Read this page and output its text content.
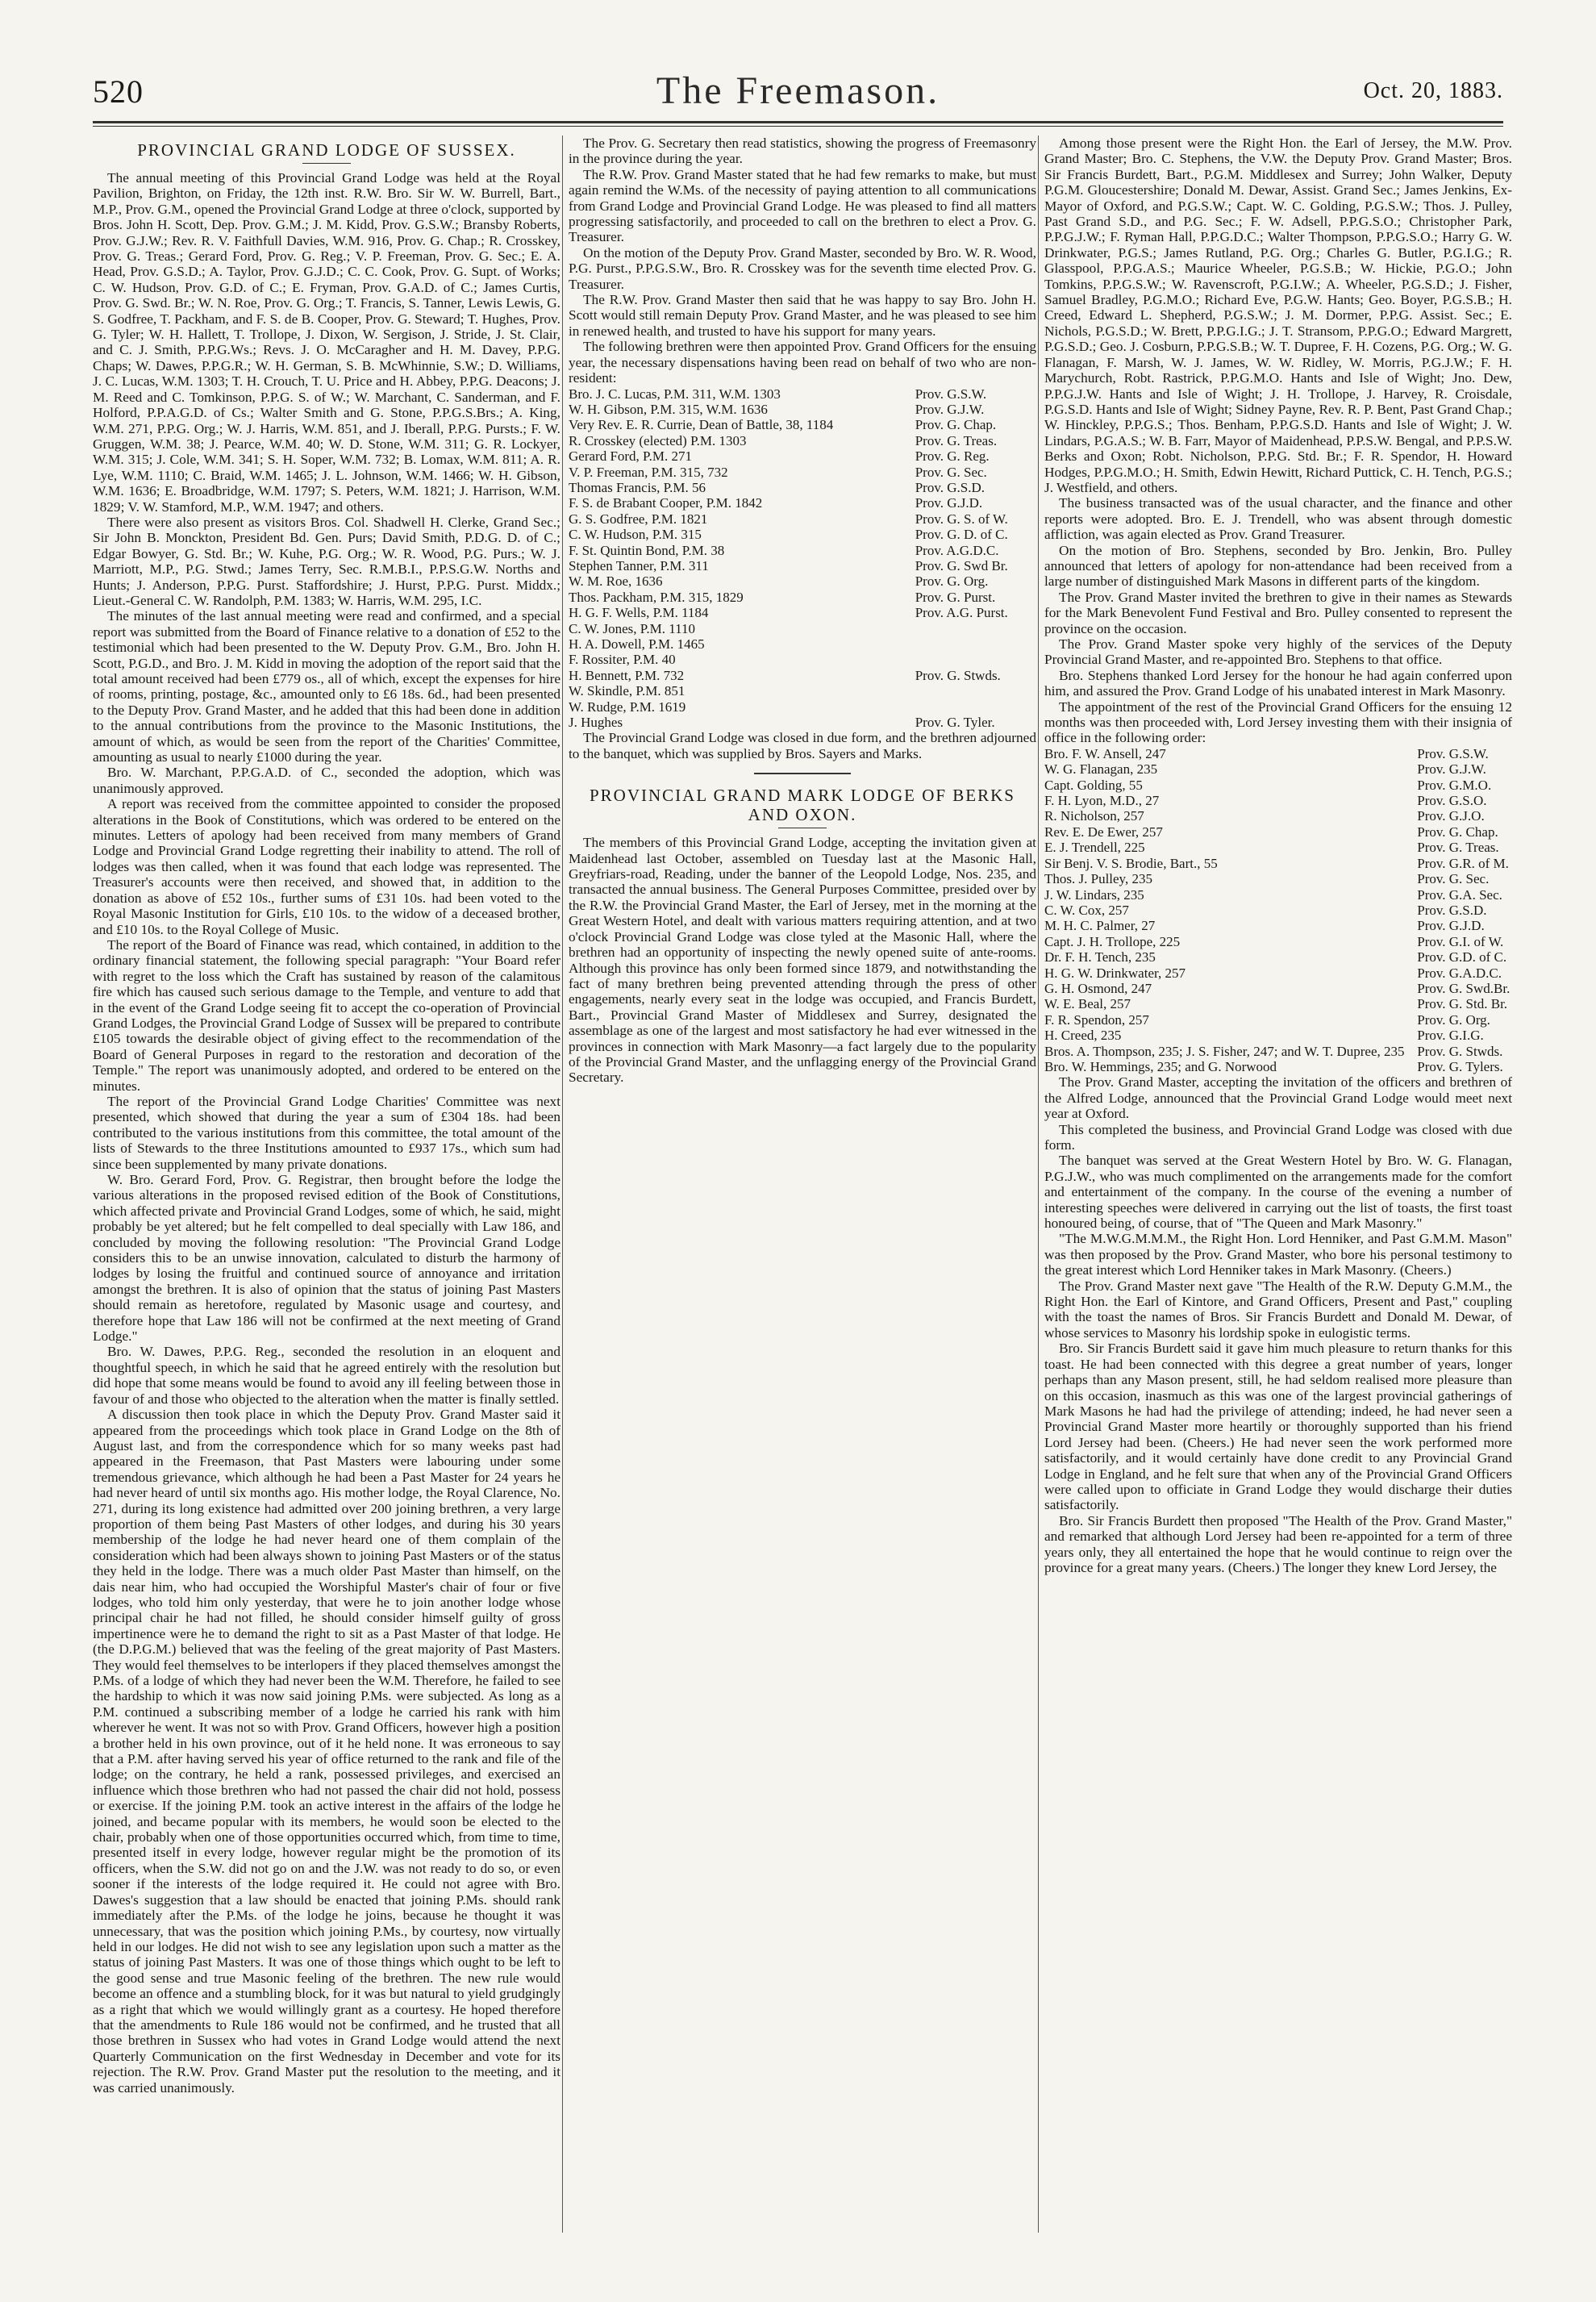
520	The Freemason.	Oct. 20, 1883.
PROVINCIAL GRAND LODGE OF SUSSEX.

The annual meeting of this Provincial Grand Lodge was held at the Royal Pavilion, Brighton, on Friday, the 12th inst. R.W. Bro. Sir W. W. Burrell, Bart., M.P., Prov. G.M., opened the Provincial Grand Lodge at three o'clock, supported by Bros. John H. Scott, Dep. Prov. G.M.; J. M. Kidd, Prov. G.S.W.; Bransby Roberts, Prov. G.J.W.; Rev. R. V. Faithfull Davies, W.M. 916, Prov. G. Chap.; R. Crosskey, Prov. G. Treas.; Gerard Ford, Prov. G. Reg.; V. P. Freeman, Prov. G. Sec.; E. A. Head, Prov. G.S.D.; A. Taylor, Prov. G.J.D.; C. C. Cook, Prov. G. Supt. of Works; C. W. Hudson, Prov. G.D. of C.; E. Fryman, Prov. G.A.D. of C.; James Curtis, Prov. G. Swd. Br.; W. N. Roe, Prov. G. Org.; T. Francis, S. Tanner, Lewis Lewis, G. S. Godfree, T. Packham, and F. S. de B. Cooper, Prov. G. Steward; T. Hughes, Prov. G. Tyler; W. H. Hallett, T. Trollope, J. Dixon, W. Sergison, J. Stride, J. St. Clair, and C. J. Smith, P.P.G.Ws.; Revs. J. O. McCaragher and H. M. Davey, P.P.G. Chaps; W. Dawes, P.P.G.R.; W. H. German, S. B. McWhinnie, S.W.; D. Williams, J. C. Lucas, W.M. 1303; T. H. Crouch, T. U. Price and H. Abbey, P.P.G. Deacons; J. M. Reed and C. Tomkinson, P.P.G. S. of W.; W. Marchant, C. Sanderman, and F. Holford, P.P.A.G.D. of Cs.; Walter Smith and G. Stone, P.P.G.S.Brs.; A. King, W.M. 271, P.P.G. Org.; W. J. Harris, W.M. 851, and J. Iberall, P.P.G. Pursts.; F. W. Gruggen, W.M. 38; J. Pearce, W.M. 40; W. D. Stone, W.M. 311; G. R. Lockyer, W.M. 315; J. Cole, W.M. 341; S. H. Soper, W.M. 732; B. Lomax, W.M. 811; A. R. Lye, W.M. 1110; C. Braid, W.M. 1465; J. L. Johnson, W.M. 1466; W. H. Gibson, W.M. 1636; E. Broadbridge, W.M. 1797; S. Peters, W.M. 1821; J. Harrison, W.M. 1829; V. W. Stamford, M.P., W.M. 1947; and others.

There were also present as visitors Bros. Col. Shadwell H. Clerke, Grand Sec.; Sir John B. Monckton, President Bd. Gen. Purs; David Smith, P.D.G. D. of C.; Edgar Bowyer, G. Std. Br.; W. Kuhe, P.G. Org.; W. R. Wood, P.G. Purs.; W. J. Marriott, M.P., P.G. Stwd.; James Terry, Sec. R.M.B.I., P.P.S.G.W. Norths and Hunts; J. Anderson, P.P.G. Purst. Staffordshire; J. Hurst, P.P.G. Purst. Middx.; Lieut.-General C. W. Randolph, P.M. 1383; W. Harris, W.M. 295, I.C.

The minutes of the last annual meeting were read and confirmed, and a special report was submitted from the Board of Finance relative to a donation of £52 to the testimonial which had been presented to the W. Deputy Prov. G.M., Bro. John H. Scott, P.G.D., and Bro. J. M. Kidd in moving the adoption of the report said that the total amount received had been £779 os., all of which, except the expenses for hire of rooms, printing, postage, &c., amounted only to £6 18s. 6d., had been presented to the Deputy Prov. Grand Master, and he added that this had been done in addition to the annual contributions from the province to the Masonic Institutions, the amount of which, as would be seen from the report of the Charities' Committee, amounting as usual to nearly £1000 during the year.

Bro. W. Marchant, P.P.G.A.D. of C., seconded the adoption, which was unanimously approved.

A report was received from the committee appointed to consider the proposed alterations in the Book of Constitutions, which was ordered to be entered on the minutes. Letters of apology had been received from many members of Grand Lodge and Provincial Grand Lodge regretting their inability to attend. The roll of lodges was then called, when it was found that each lodge was represented. The Treasurer's accounts were then received, and showed that, in addition to the donation as above of £52 10s., further sums of £31 10s. had been voted to the Royal Masonic Institution for Girls, £10 10s. to the widow of a deceased brother, and £10 10s. to the Royal College of Music.

The report of the Board of Finance was read, which contained, in addition to the ordinary financial statement, the following special paragraph: "Your Board refer with regret to the loss which the Craft has sustained by reason of the calamitous fire which has caused such serious damage to the Temple, and venture to add that in the event of the Grand Lodge seeing fit to accept the co-operation of Provincial Grand Lodges, the Provincial Grand Lodge of Sussex will be prepared to contribute £105 towards the desirable object of giving effect to the recommendation of the Board of General Purposes in regard to the restoration and decoration of the Temple." The report was unanimously adopted, and ordered to be entered on the minutes.

The report of the Provincial Grand Lodge Charities' Committee was next presented, which showed that during the year a sum of £304 18s. had been contributed to the various institutions from this committee, the total amount of the lists of Stewards to the three Institutions amounted to £937 17s., which sum had since been supplemented by many private donations.

W. Bro. Gerard Ford, Prov. G. Registrar, then brought before the lodge the various alterations in the proposed revised edition of the Book of Constitutions, which affected private and Provincial Grand Lodges, some of which, he said, might probably be yet altered; but he felt compelled to deal specially with Law 186, and concluded by moving the following resolution: "The Provincial Grand Lodge considers this to be an unwise innovation, calculated to disturb the harmony of lodges by losing the fruitful and continued source of annoyance and irritation amongst the brethren. It is also of opinion that the status of joining Past Masters should remain as heretofore, regulated by Masonic usage and courtesy, and therefore hope that Law 186 will not be confirmed at the next meeting of Grand Lodge."

Bro. W. Dawes, P.P.G. Reg., seconded the resolution in an eloquent and thoughtful speech, in which he said that he agreed entirely with the resolution but did hope that some means would be found to avoid any ill feeling between those in favour of and those who objected to the alteration when the matter is finally settled.

A discussion then took place in which the Deputy Prov. Grand Master said it appeared from the proceedings which took place in Grand Lodge on the 8th of August last, and from the correspondence which for so many weeks past had appeared in the Freemason, that Past Masters were labouring under some tremendous grievance, which although he had been a Past Master for 24 years he had never heard of until six months ago. His mother lodge, the Royal Clarence, No. 271, during its long existence had admitted over 200 joining brethren, a very large proportion of them being Past Masters of other lodges, and during his 30 years membership of the lodge he had never heard one of them complain of the consideration which had been always shown to joining Past Masters or of the status they held in the lodge. There was a much older Past Master than himself, on the dais near him, who had occupied the Worshipful Master's chair of four or five lodges, who told him only yesterday, that were he to join another lodge whose principal chair he had not filled, he should consider himself guilty of gross impertinence were he to demand the right to sit as a Past Master of that lodge. He (the D.P.G.M.) believed that was the feeling of the great majority of Past Masters. They would feel themselves to be interlopers if they placed themselves amongst the P.Ms. of a lodge of which they had never been the W.M. Therefore, he failed to see the hardship to which it was now said joining P.Ms. were subjected. As long as a P.M. continued a subscribing member of a lodge he carried his rank with him wherever he went. It was not so with Prov. Grand Officers, however high a position a brother held in his own province, out of it he held none. It was erroneous to say that a P.M. after having served his year of office returned to the rank and file of the lodge; on the contrary, he held a rank, possessed privileges, and exercised an influence which those brethren who had not passed the chair did not hold, possess or exercise. If the joining P.M. took an active interest in the affairs of the lodge he joined, and became popular with its members, he would soon be elected to the chair, probably when one of those opportunities occurred which, from time to time, presented itself in every lodge, however regular might be the promotion of its officers, when the S.W. did not go on and the J.W. was not ready to do so, or even sooner if the interests of the lodge required it. He could not agree with Bro. Dawes's suggestion that a law should be enacted that joining P.Ms. should rank immediately after the P.Ms. of the lodge he joins, because he thought it was unnecessary, that was the position which joining P.Ms., by courtesy, now virtually held in our lodges. He did not wish to see any legislation upon such a matter as the status of joining Past Masters. It was one of those things which ought to be left to the good sense and true Masonic feeling of the brethren. The new rule would become an offence and a stumbling block, for it was but natural to yield grudgingly as a right that which we would willingly grant as a courtesy. He hoped therefore that the amendments to Rule 186 would not be confirmed, and he trusted that all those brethren in Sussex who had votes in Grand Lodge would attend the next Quarterly Communication on the first Wednesday in December and vote for its rejection. The R.W. Prov. Grand Master put the resolution to the meeting, and it was carried unanimously.

The Prov. G. Secretary then read statistics, showing the progress of Freemasonry in the province during the year.

The R.W. Prov. Grand Master stated that he had few remarks to make, but must again remind the W.Ms. of the necessity of paying attention to all communications from Grand Lodge and Provincial Grand Lodge. He was pleased to find all matters progressing satisfactorily, and proceeded to call on the brethren to elect a Prov. G. Treasurer.

On the motion of the Deputy Prov. Grand Master, seconded by Bro. W. R. Wood, P.G. Purst., P.P.G.S.W., Bro. R. Crosskey was for the seventh time elected Prov. G. Treasurer.

The R.W. Prov. Grand Master then said that he was happy to say Bro. John H. Scott would still remain Deputy Prov. Grand Master, and he was pleased to see him in renewed health, and trusted to have his support for many years.

The following brethren were then appointed Prov. Grand Officers for the ensuing year, the necessary dispensations having been read on behalf of two who are non-resident:

Bro. J. C. Lucas, P.M. 311, W.M. 1303	Prov. G.S.W.
W. H. Gibson, P.M. 315, W.M. 1636	Prov. G.J.W.
Very Rev. E. R. Currie, Dean of Battle, 38, 1184	Prov. G. Chap.
R. Crosskey (elected) P.M. 1303	Prov. G. Treas.
Gerard Ford, P.M. 271	Prov. G. Reg.
V. P. Freeman, P.M. 315, 732	Prov. G. Sec.
Thomas Francis, P.M. 56	Prov. G.S.D.
F. S. de Brabant Cooper, P.M. 1842	Prov. G.J.D.
G. S. Godfree, P.M. 1821	Prov. G. S. of W.
C. W. Hudson, P.M. 315	Prov. G. D. of C.
F. St. Quintin Bond, P.M. 38	Prov. A.G.D.C.
Stephen Tanner, P.M. 311	Prov. G. Swd Br.
W. M. Roe, 1636	Prov. G. Org.
Thos. Packham, P.M. 315, 1829	Prov. G. Purst.
H. G. F. Wells, P.M. 1184	Prov. A.G. Purst.
C. W. Jones, P.M. 1110	
H. A. Dowell, P.M. 1465	
F. Rossiter, P.M. 40	
H. Bennett, P.M. 732	Prov. G. Stwds.
W. Skindle, P.M. 851	
W. Rudge, P.M. 1619	
J. Hughes	Prov. G. Tyler.

The Provincial Grand Lodge was closed in due form, and the brethren adjourned to the banquet, which was supplied by Bros. Sayers and Marks.

PROVINCIAL GRAND MARK LODGE OF BERKS AND OXON.

The members of this Provincial Grand Lodge, accepting the invitation given at Maidenhead last October, assembled on Tuesday last at the Masonic Hall, Greyfriars-road, Reading, under the banner of the Leopold Lodge, Nos. 235, and transacted the annual business. The General Purposes Committee, presided over by the R.W. the Provincial Grand Master, the Earl of Jersey, met in the morning at the Great Western Hotel, and dealt with various matters requiring attention, and at two o'clock Provincial Grand Lodge was close tyled at the Masonic Hall, where the brethren had an opportunity of inspecting the newly opened suite of ante-rooms. Although this province has only been formed since 1879, and notwithstanding the fact of many brethren being prevented attending through the press of other engagements, nearly every seat in the lodge was occupied, and Francis Burdett, Bart., Provincial Grand Master of Middlesex and Surrey, designated the assemblage as one of the largest and most satisfactory he had ever witnessed in the provinces in connection with Mark Masonry—a fact largely due to the popularity of the Provincial Grand Master, and the unflagging energy of the Provincial Grand Secretary.

Among those present were the Right Hon. the Earl of Jersey, the M.W. Prov. Grand Master; Bro. C. Stephens, the V.W. the Deputy Prov. Grand Master; Bros. Sir Francis Burdett, Bart., P.G.M. Middlesex and Surrey; John Walker, Deputy P.G.M. Gloucestershire; Donald M. Dewar, Assist. Grand Sec.; James Jenkins, Ex-Mayor of Oxford, and P.G.S.W.; Capt. W. C. Golding, P.G.S.W.; Thos. J. Pulley, Past Grand S.D., and P.G. Sec.; F. W. Adsell, P.P.G.S.O.; Christopher Park, P.P.G.J.W.; F. Ryman Hall, P.P.G.D.C.; Walter Thompson, P.P.G.S.O.; Harry G. W. Drinkwater, P.G.S.; James Rutland, P.G. Org.; Charles G. Butler, P.G.I.G.; R. Glasspool, P.P.G.A.S.; Maurice Wheeler, P.G.S.B.; W. Hickie, P.G.O.; John Tomkins, P.P.G.S.W.; W. Ravenscroft, P.G.I.W.; A. Wheeler, P.G.S.D.; J. Fisher, Samuel Bradley, P.G.M.O.; Richard Eve, P.G.W. Hants; Geo. Boyer, P.G.S.B.; H. Creed, Edward L. Shepherd, P.G.S.W.; J. M. Dormer, P.P.G. Assist. Sec.; E. Nichols, P.G.S.D.; W. Brett, P.P.G.I.G.; J. T. Stransom, P.P.G.O.; Edward Margrett, P.G.S.D.; Geo. J. Cosburn, P.P.G.S.B.; W. T. Dupree, F. H. Cozens, P.G. Org.; W. G. Flanagan, F. Marsh, W. J. James, W. W. Ridley, W. Morris, P.G.J.W.; F. H. Marychurch, Robt. Rastrick, P.P.G.M.O. Hants and Isle of Wight; Jno. Dew, P.P.G.J.W. Hants and Isle of Wight; J. H. Trollope, J. Harvey, R. Croisdale, P.G.S.D. Hants and Isle of Wight; Sidney Payne, Rev. R. P. Bent, Past Grand Chap.; W. Hinckley, P.P.G.S.; Thos. Benham, P.P.G.S.D. Hants and Isle of Wight; J. W. Lindars, P.G.A.S.; W. B. Farr, Mayor of Maidenhead, P.P.S.W. Bengal, and P.P.S.W. Berks and Oxon; Robt. Nicholson, P.P.G. Std. Br.; F. R. Spendor, H. Howard Hodges, P.P.G.M.O.; H. Smith, Edwin Hewitt, Richard Puttick, C. H. Tench, P.G.S.; J. Westfield, and others.

The business transacted was of the usual character, and the finance and other reports were adopted. Bro. E. J. Trendell, who was absent through domestic affliction, was again elected as Prov. Grand Treasurer.

On the motion of Bro. Stephens, seconded by Bro. Jenkin, Bro. Pulley announced that letters of apology for non-attendance had been received from a large number of distinguished Mark Masons in different parts of the kingdom.

The Prov. Grand Master invited the brethren to give in their names as Stewards for the Mark Benevolent Fund Festival and Bro. Pulley consented to represent the province on the occasion.

The Prov. Grand Master spoke very highly of the services of the Deputy Provincial Grand Master, and re-appointed Bro. Stephens to that office.

Bro. Stephens thanked Lord Jersey for the honour he had again conferred upon him, and assured the Prov. Grand Lodge of his unabated interest in Mark Masonry.

The appointment of the rest of the Provincial Grand Officers for the ensuing 12 months was then proceeded with, Lord Jersey investing them with their insignia of office in the following order:

Bro. F. W. Ansell, 247	Prov. G.S.W.
W. G. Flanagan, 235	Prov. G.J.W.
Capt. Golding, 55	Prov. G.M.O.
F. H. Lyon, M.D., 27	Prov. G.S.O.
R. Nicholson, 257	Prov. G.J.O.
Rev. E. De Ewer, 257	Prov. G. Chap.
E. J. Trendell, 225	Prov. G. Treas.
Sir Benj. V. S. Brodie, Bart., 55	Prov. G.R. of M.
Thos. J. Pulley, 235	Prov. G. Sec.
J. W. Lindars, 235	Prov. G.A. Sec.
C. W. Cox, 257	Prov. G.S.D.
M. H. C. Palmer, 27	Prov. G.J.D.
Capt. J. H. Trollope, 225	Prov. G.I. of W.
Dr. F. H. Tench, 235	Prov. G.D. of C.
H. G. W. Drinkwater, 257	Prov. G.A.D.C.
G. H. Osmond, 247	Prov. G. Swd.Br.
W. E. Beal, 257	Prov. G. Std. Br.
F. R. Spendon, 257	Prov. G. Org.
H. Creed, 235	Prov. G.I.G.
Bros. A. Thompson, 235; J. S. Fisher, 247; and W. T. Dupree, 235	Prov. G. Stwds.
Bro. W. Hemmings, 235; and G. Norwood	Prov. G. Tylers.

The Prov. Grand Master, accepting the invitation of the officers and brethren of the Alfred Lodge, announced that the Provincial Grand Lodge would meet next year at Oxford.

This completed the business, and Provincial Grand Lodge was closed with due form.

The banquet was served at the Great Western Hotel by Bro. W. G. Flanagan, P.G.J.W., who was much complimented on the arrangements made for the comfort and entertainment of the company. In the course of the evening a number of interesting speeches were delivered in carrying out the list of toasts, the first toast honoured being, of course, that of "The Queen and Mark Masonry."

"The M.W.G.M.M.M., the Right Hon. Lord Henniker, and Past G.M.M. Mason" was then proposed by the Prov. Grand Master, who bore his personal testimony to the great interest which Lord Henniker takes in Mark Masonry. (Cheers.)

The Prov. Grand Master next gave "The Health of the R.W. Deputy G.M.M., the Right Hon. the Earl of Kintore, and Grand Officers, Present and Past," coupling with the toast the names of Bros. Sir Francis Burdett and Donald M. Dewar, of whose services to Masonry his lordship spoke in eulogistic terms.

Bro. Sir Francis Burdett said it gave him much pleasure to return thanks for this toast. He had been connected with this degree a great number of years, longer perhaps than any Mason present, still, he had seldom realised more pleasure than on this occasion, inasmuch as this was one of the largest provincial gatherings of Mark Masons he had had the privilege of attending; indeed, he had never seen a Provincial Grand Master more heartily or thoroughly supported than his friend Lord Jersey had been. (Cheers.) He had never seen the work performed more satisfactorily, and it would certainly have done credit to any Provincial Grand Lodge in England, and he felt sure that when any of the Provincial Grand Officers were called upon to officiate in Grand Lodge they would discharge their duties satisfactorily.

Bro. Sir Francis Burdett then proposed "The Health of the Prov. Grand Master," and remarked that although Lord Jersey had been re-appointed for a term of three years only, they all entertained the hope that he would continue to reign over the province for a great many years. (Cheers.) The longer they knew Lord Jersey, the
